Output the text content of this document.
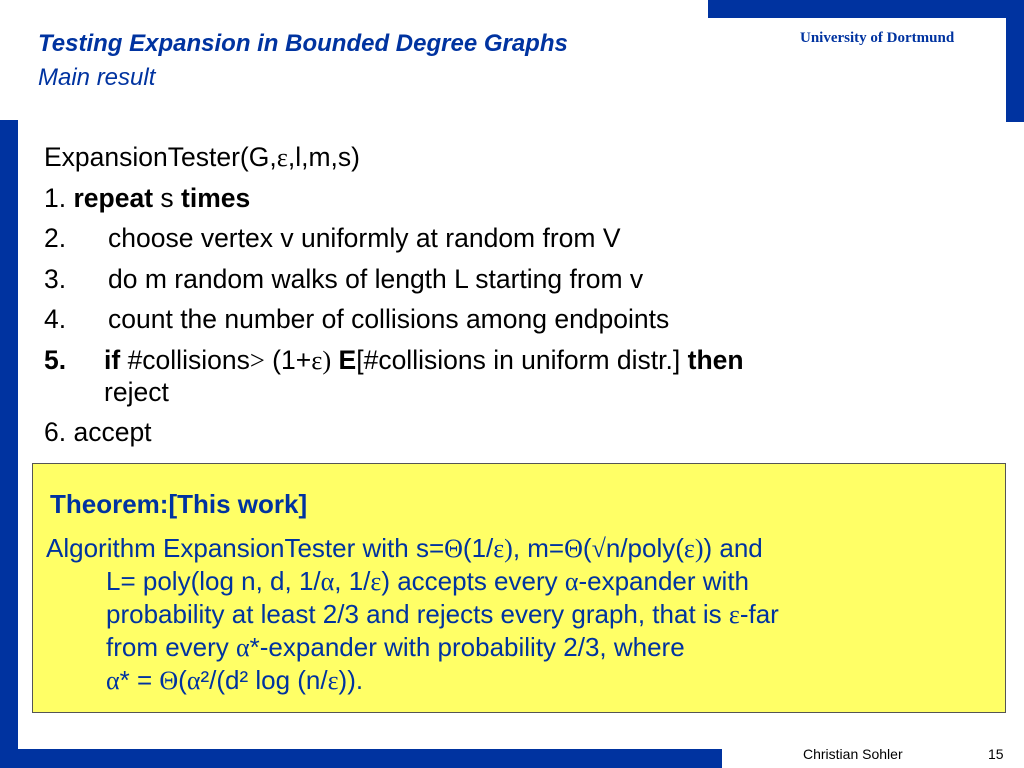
Testing Expansion in Bounded Degree Graphs
Main result
University of Dortmund
ExpansionTester(G,ε,l,m,s)
1. repeat s times
2. choose vertex v uniformly at random from V
3. do m random walks of length L starting from v
4. count the number of collisions among endpoints
5. if #collisions> (1+ε) E[#collisions in uniform distr.] then
reject
6. accept
Theorem:[This work]
Algorithm ExpansionTester with s=Θ(1/ε), m=Θ(√n/poly(ε)) and
L= poly(log n, d, 1/α, 1/ε) accepts every α-expander with
probability at least 2/3 and rejects every graph, that is ε-far
from every α*-expander with probability 2/3, where
α* = Θ(α²/(d² log (n/ε)).
Christian Sohler	15
